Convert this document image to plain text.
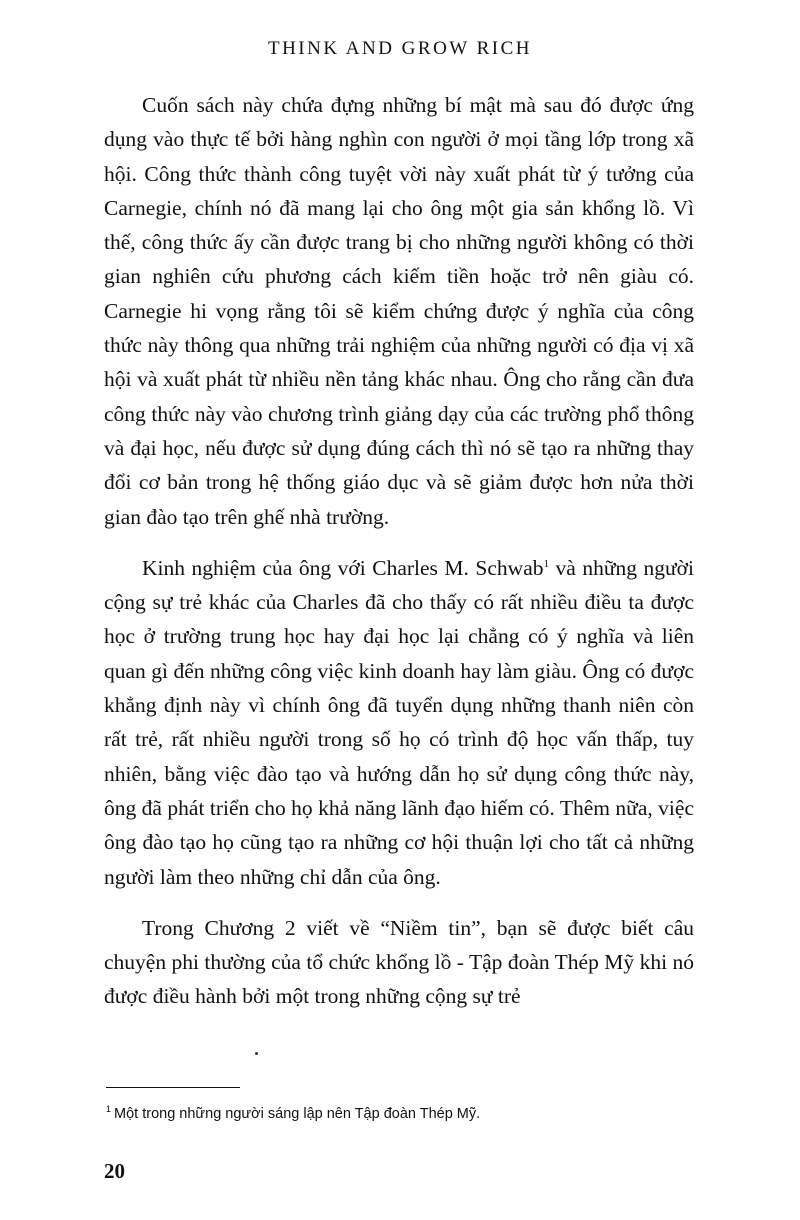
THINK AND GROW RICH

Cuốn sách này chứa đựng những bí mật mà sau đó được ứng dụng vào thực tế bởi hàng nghìn con người ở mọi tầng lớp trong xã hội. Công thức thành công tuyệt vời này xuất phát từ ý tưởng của Carnegie, chính nó đã mang lại cho ông một gia sản khổng lồ. Vì thế, công thức ấy cần được trang bị cho những người không có thời gian nghiên cứu phương cách kiếm tiền hoặc trở nên giàu có. Carnegie hi vọng rằng tôi sẽ kiểm chứng được ý nghĩa của công thức này thông qua những trải nghiệm của những người có địa vị xã hội và xuất phát từ nhiều nền tảng khác nhau. Ông cho rằng cần đưa công thức này vào chương trình giảng dạy của các trường phổ thông và đại học, nếu được sử dụng đúng cách thì nó sẽ tạo ra những thay đổi cơ bản trong hệ thống giáo dục và sẽ giảm được hơn nửa thời gian đào tạo trên ghế nhà trường.

Kinh nghiệm của ông với Charles M. Schwab$^1$ và những người cộng sự trẻ khác của Charles đã cho thấy có rất nhiều điều ta được học ở trường trung học hay đại học lại chẳng có ý nghĩa và liên quan gì đến những công việc kinh doanh hay làm giàu. Ông có được khẳng định này vì chính ông đã tuyển dụng những thanh niên còn rất trẻ, rất nhiều người trong số họ có trình độ học vấn thấp, tuy nhiên, bằng việc đào tạo và hướng dẫn họ sử dụng công thức này, ông đã phát triển cho họ khả năng lãnh đạo hiếm có. Thêm nữa, việc ông đào tạo họ cũng tạo ra những cơ hội thuận lợi cho tất cả những người làm theo những chỉ dẫn của ông.

Trong Chương 2 viết về “Niềm tin”, bạn sẽ được biết câu chuyện phi thường của tổ chức khổng lồ - Tập đoàn Thép Mỹ khi nó được điều hành bởi một trong những cộng sự trẻ

$^1$ Một trong những người sáng lập nên Tập đoàn Thép Mỹ.
20
